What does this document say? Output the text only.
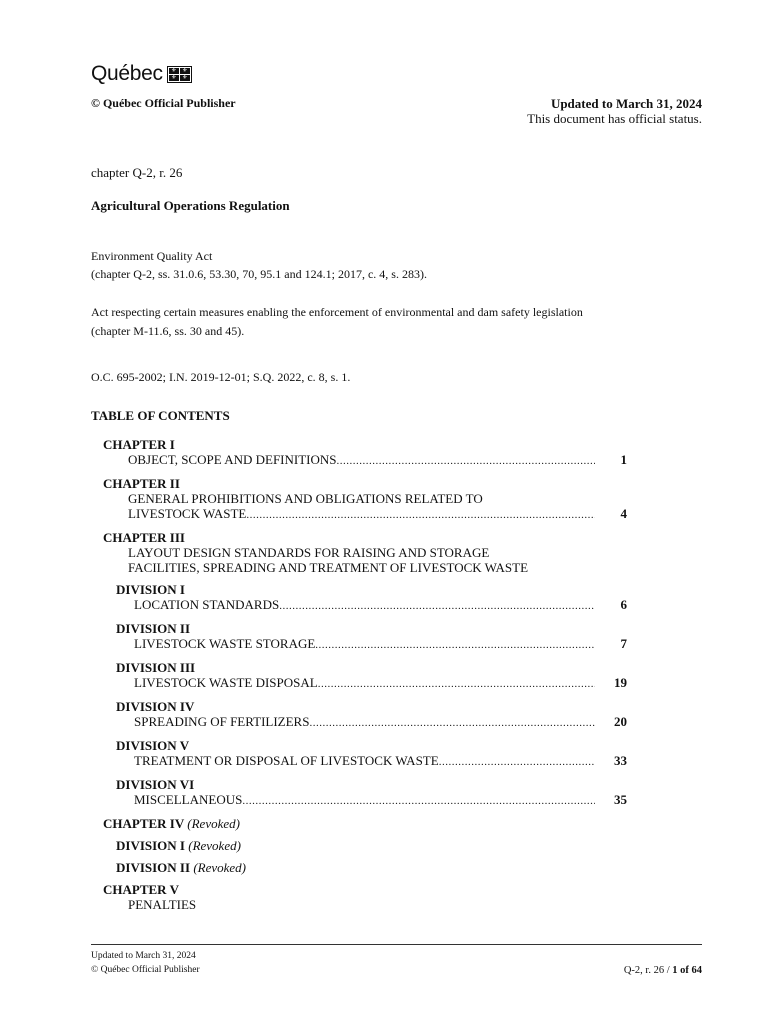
Québec	⚜ ⚜
⚜ ⚜
© Québec Official Publisher	Updated to March 31, 2024
This document has official status.
chapter Q-2, r. 26
Agricultural Operations Regulation
Environment Quality Act
(chapter Q-2, ss. 31.0.6, 53.30, 70, 95.1 and 124.1; 2017, c. 4, s. 283).
Act respecting certain measures enabling the enforcement of environmental and dam safety legislation
(chapter M-11.6, ss. 30 and 45).
O.C. 695-2002; I.N. 2019-12-01; S.Q. 2022, c. 8, s. 1.
TABLE OF CONTENTS
CHAPTER I
OBJECT, SCOPE AND DEFINITIONS .....	1
CHAPTER II
GENERAL PROHIBITIONS AND OBLIGATIONS RELATED TO
LIVESTOCK WASTE .....	4
CHAPTER III
LAYOUT DESIGN STANDARDS FOR RAISING AND STORAGE
FACILITIES, SPREADING AND TREATMENT OF LIVESTOCK WASTE
DIVISION I
LOCATION STANDARDS .....	6
DIVISION II
LIVESTOCK WASTE STORAGE .....	7
DIVISION III
LIVESTOCK WASTE DISPOSAL .....	19
DIVISION IV
SPREADING OF FERTILIZERS .....	20
DIVISION V
TREATMENT OR DISPOSAL OF LIVESTOCK WASTE .....	33
DIVISION VI
MISCELLANEOUS .....	35
CHAPTER IV (Revoked)
DIVISION I (Revoked)
DIVISION II (Revoked)
CHAPTER V
PENALTIES
Updated to March 31, 2024
© Québec Official Publisher	Q-2, r. 26 / 1 of 64
